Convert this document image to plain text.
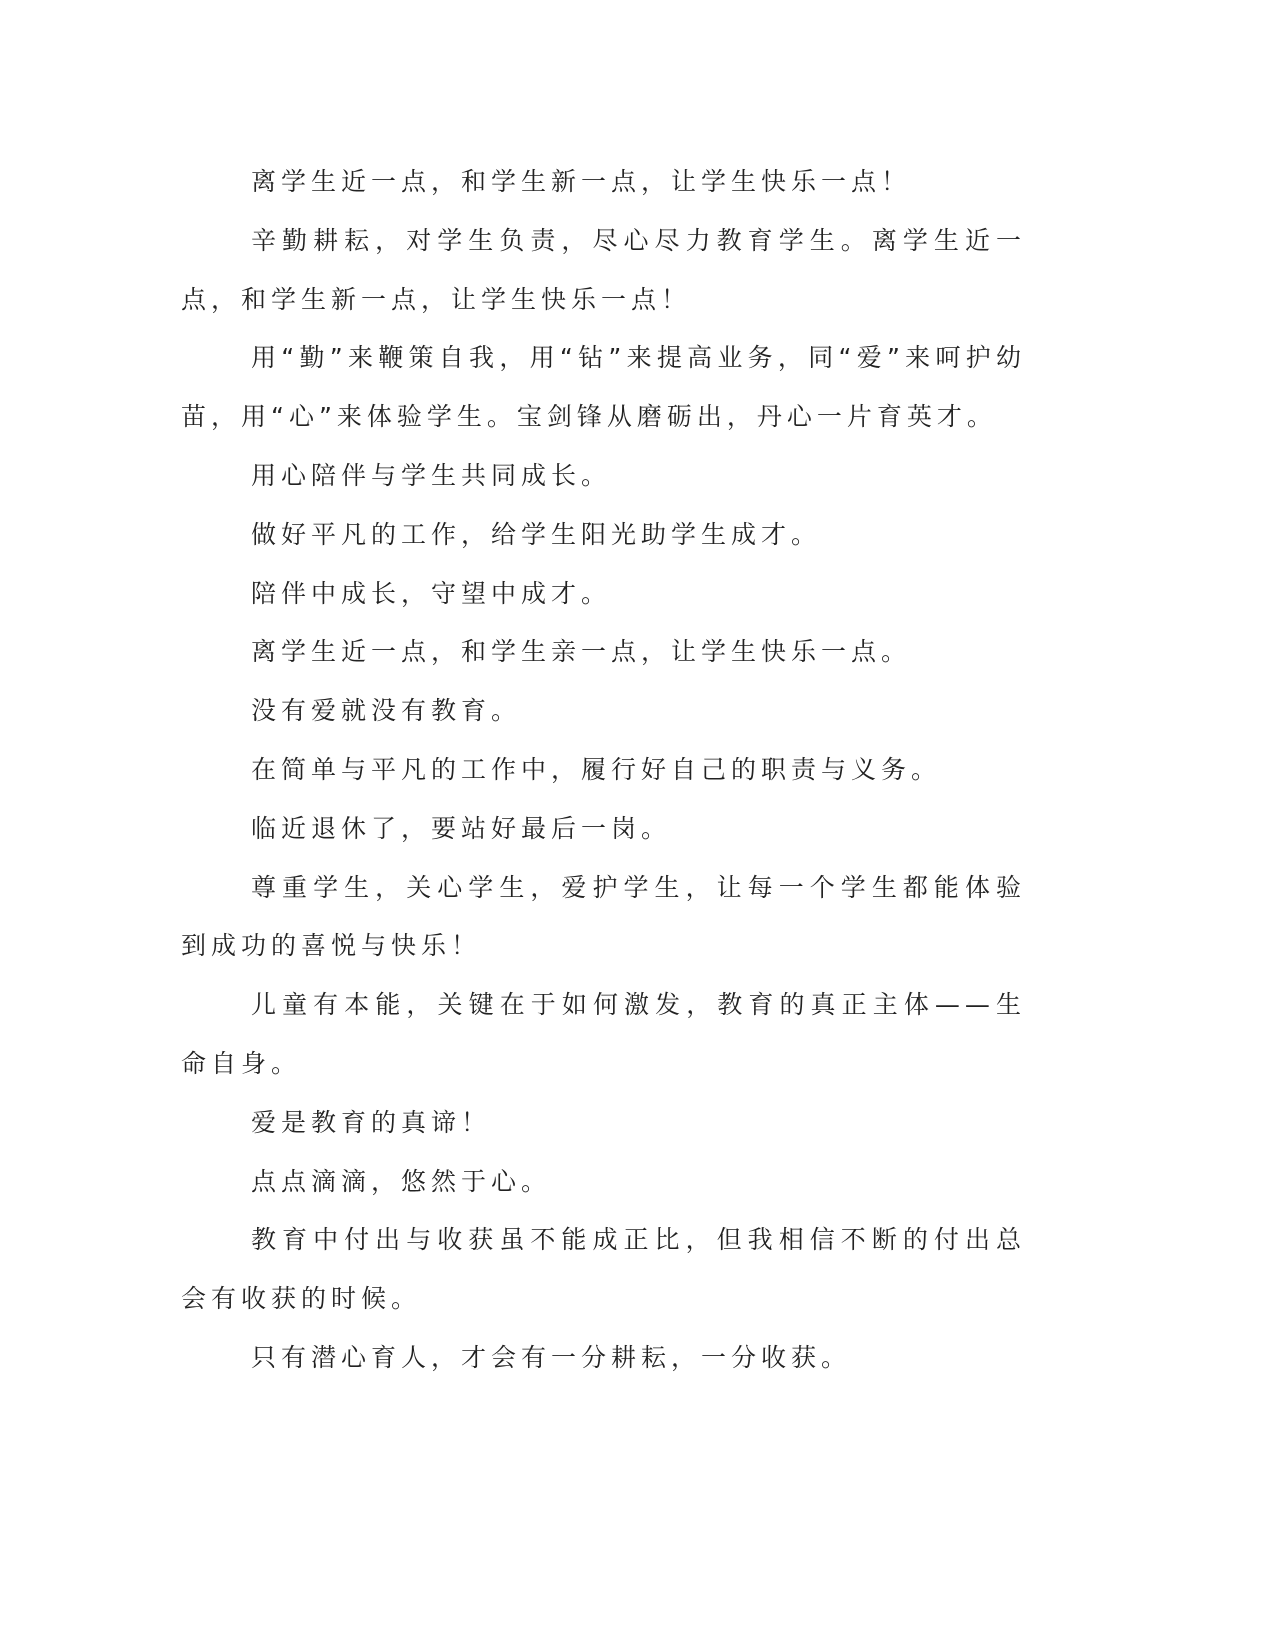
离学生近一点，和学生新一点，让学生快乐一点！

辛勤耕耘，对学生负责，尽心尽力教育学生。离学生近一点，和学生新一点，让学生快乐一点！

用“勤”来鞭策自我，用“钻”来提高业务，同“爱”来呵护幼苗，用“心”来体验学生。宝剑锋从磨砺出，丹心一片育英才。

用心陪伴与学生共同成长。

做好平凡的工作，给学生阳光助学生成才。

陪伴中成长，守望中成才。

离学生近一点，和学生亲一点，让学生快乐一点。

没有爱就没有教育。

在简单与平凡的工作中，履行好自己的职责与义务。

临近退休了，要站好最后一岗。

尊重学生，关心学生，爱护学生，让每一个学生都能体验到成功的喜悦与快乐！

儿童有本能，关键在于如何激发，教育的真正主体——生命自身。

爱是教育的真谛！

点点滴滴，悠然于心。

教育中付出与收获虽不能成正比，但我相信不断的付出总会有收获的时候。

只有潜心育人，才会有一分耕耘，一分收获。
